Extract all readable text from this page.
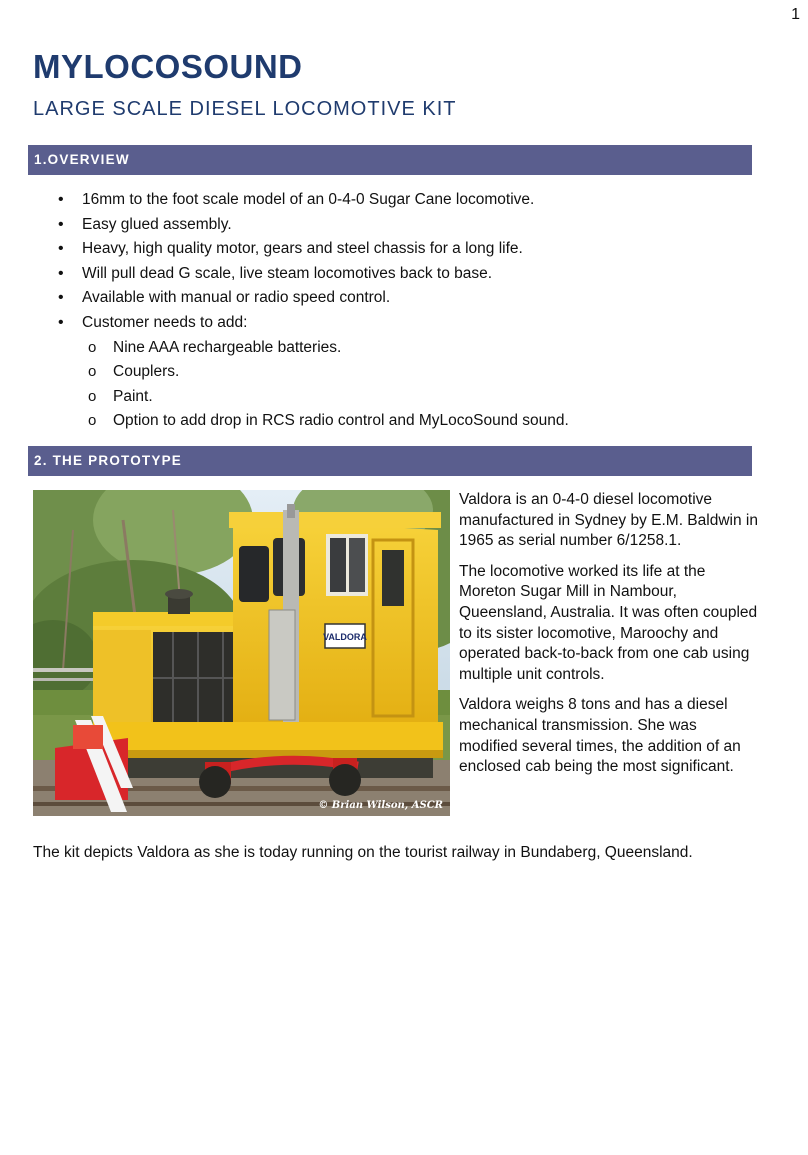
1
MYLOCOSOUND
LARGE SCALE DIESEL LOCOMOTIVE KIT
1.OVERVIEW
• 16mm to the foot scale model of an 0-4-0 Sugar Cane locomotive.
• Easy glued assembly.
• Heavy, high quality motor, gears and steel chassis for a long life.
• Will pull dead G scale, live steam locomotives back to base.
• Available with manual or radio speed control.
• Customer needs to add:
o Nine AAA rechargeable batteries.
o Couplers.
o Paint.
o Option to add drop in RCS radio control and MyLocoSound sound.
2. THE PROTOTYPE
VALDORA
© Brian Wilson, ASCR

Valdora is an 0-4-0 diesel locomotive manufactured in Sydney by E.M. Baldwin in 1965 as serial number 6/1258.1.

The locomotive worked its life at the Moreton Sugar Mill in Nambour, Queensland, Australia. It was often coupled to its sister locomotive, Maroochy and operated back-to-back from one cab using multiple unit controls.

Valdora weighs 8 tons and has a diesel mechanical transmission. She was modified several times, the addition of an enclosed cab being the most significant.

The kit depicts Valdora as she is today running on the tourist railway in Bundaberg, Queensland.
